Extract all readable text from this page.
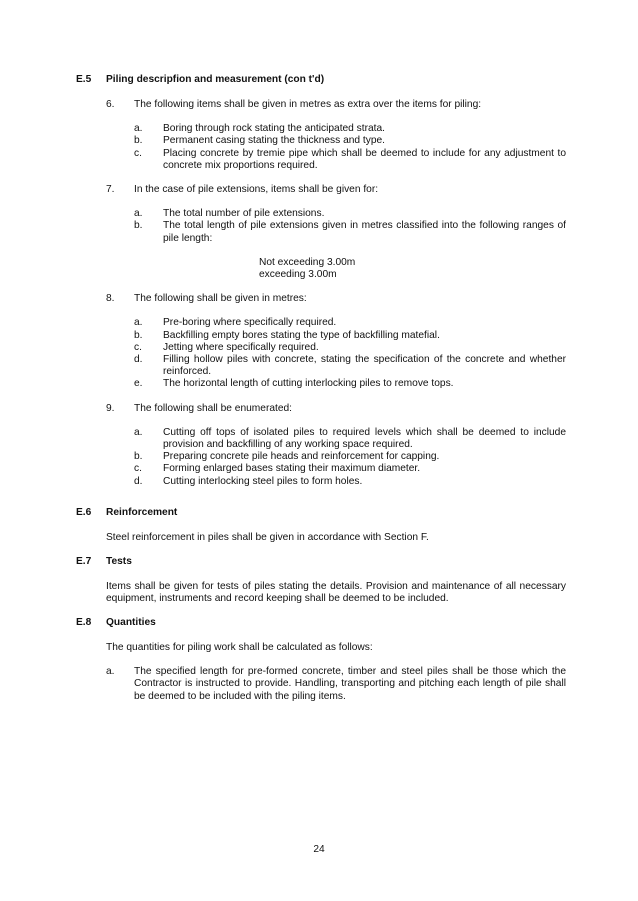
E.5 Piling descripfion and measurement (con t'd)
6. The following items shall be given in metres as extra over the items for piling:
a. Boring through rock stating the anticipated strata.
b. Permanent casing stating the thickness and type.
c. Placing concrete by tremie pipe which shall be deemed to include for any adjustment to concrete mix proportions required.
7. In the case of pile extensions, items shall be given for:
a. The total number of pile extensions.
b. The total length of pile extensions given in metres classified into the following ranges of pile length:
Not exceeding 3.00m
exceeding 3.00m
8. The following shall be given in metres:
a. Pre-boring where specifically required.
b. Backfilling empty bores stating the type of backfilling matefial.
c. Jetting where specifically required.
d. Filling hollow piles with concrete, stating the specification of the concrete and whether reinforced.
e. The horizontal length of cutting interlocking piles to remove tops.
9. The following shall be enumerated:
a. Cutting off tops of isolated piles to required levels which shall be deemed to include provision and backfilling of any working space required.
b. Preparing concrete pile heads and reinforcement for capping.
c. Forming enlarged bases stating their maximum diameter.
d. Cutting interlocking steel piles to form holes.
E.6 Reinforcement
Steel reinforcement in piles shall be given in accordance with Section F.
E.7 Tests
Items shall be given for tests of piles stating the details. Provision and maintenance of all necessary equipment, instruments and record keeping shall be deemed to be included.
E.8 Quantities
The quantities for piling work shall be calculated as follows:
a. The specified length for pre-formed concrete, timber and steel piles shall be those which the Contractor is instructed to provide. Handling, transporting and pitching each length of pile shall be deemed to be included with the piling items.
24
